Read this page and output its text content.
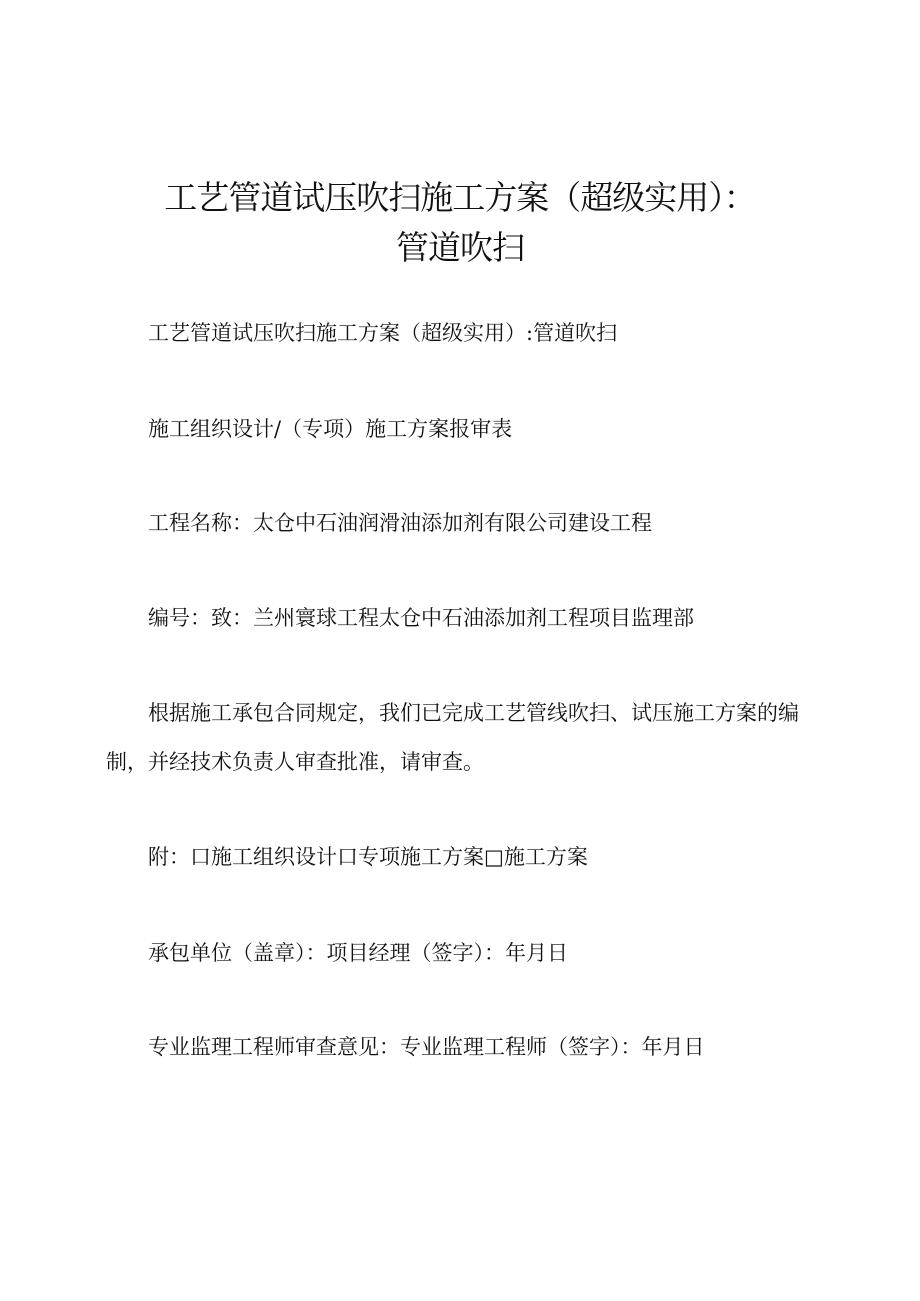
工艺管道试压吹扫施工方案（超级实用）：
管道吹扫

工艺管道试压吹扫施工方案（超级实用）:管道吹扫

施工组织设计/（专项）施工方案报审表

工程名称：太仓中石油润滑油添加剂有限公司建设工程

编号：致：兰州寰球工程太仓中石油添加剂工程项目监理部

根据施工承包合同规定，我们已完成工艺管线吹扫、试压施工方案的编
制，并经技术负责人审查批准，请审查。

附：口施工组织设计口专项施工方案□施工方案

承包单位（盖章）：项目经理（签字）：年月日

专业监理工程师审查意见：专业监理工程师（签字）：年月日
